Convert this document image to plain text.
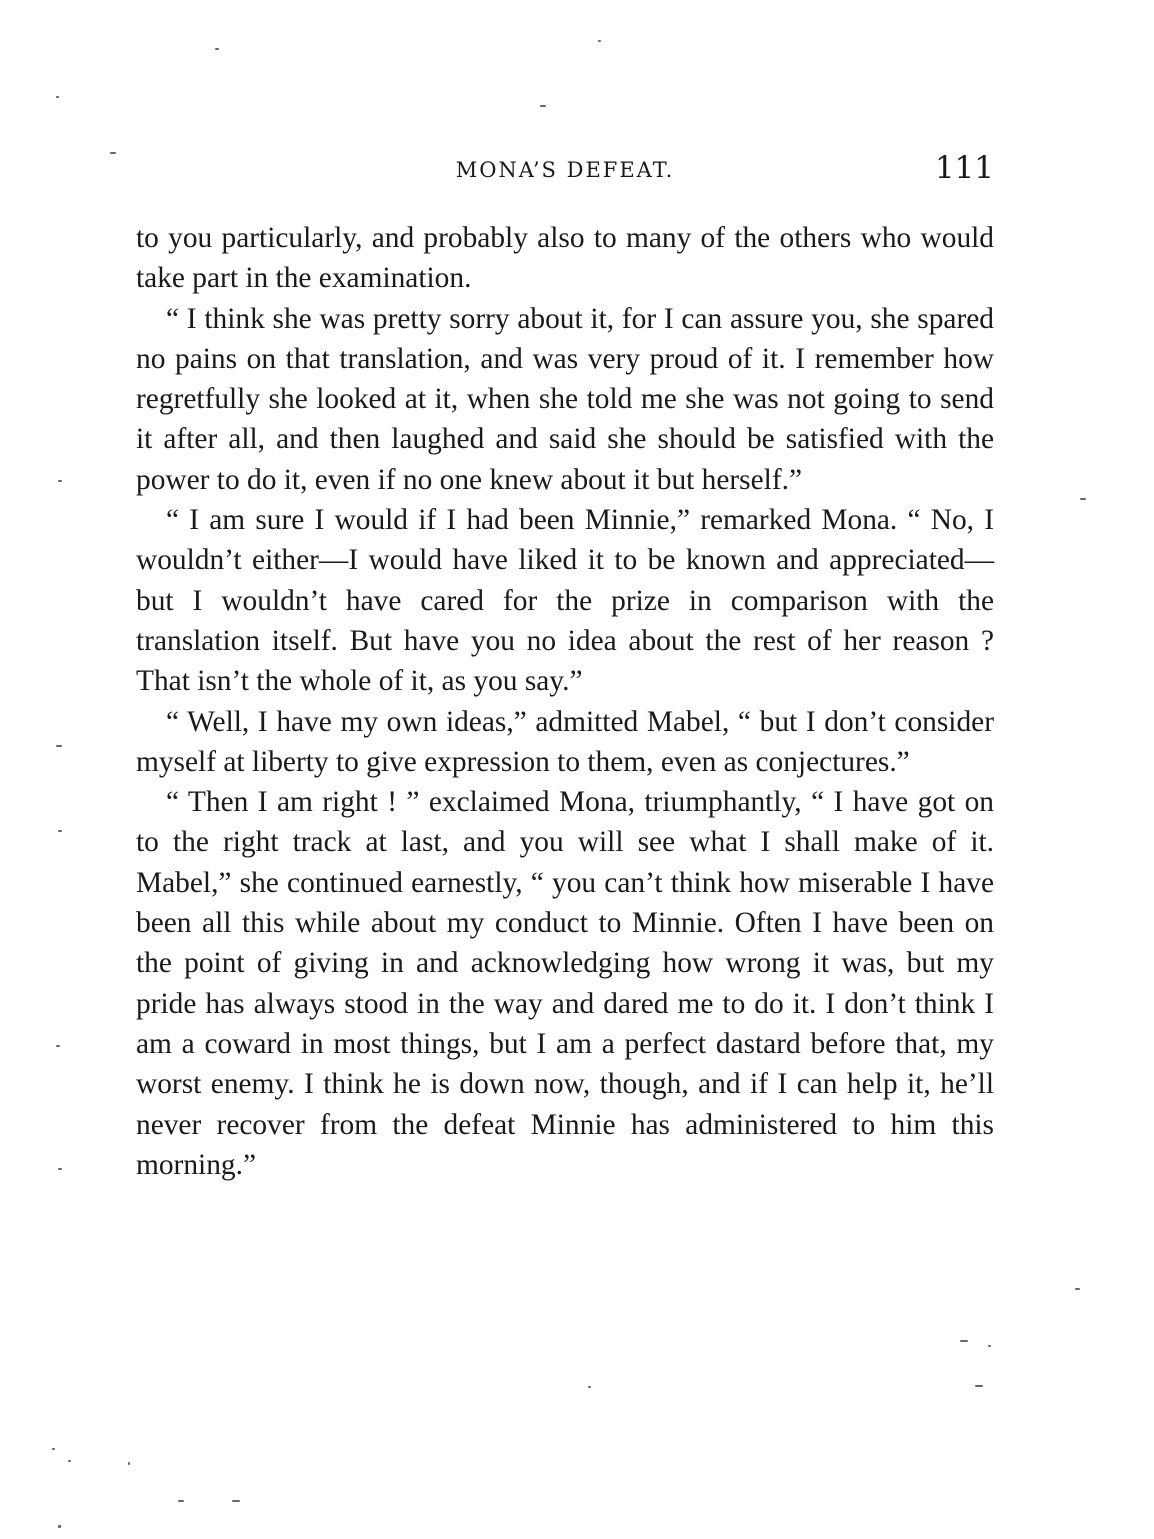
MONA’S DEFEAT.	111

to you particularly, and probably also to many of the others who would take part in the examination.

“ I think she was pretty sorry about it, for I can assure you, she spared no pains on that translation, and was very proud of it. I remember how regretfully she looked at it, when she told me she was not going to send it after all, and then laughed and said she should be satisfied with the power to do it, even if no one knew about it but herself.”

“ I am sure I would if I had been Minnie,” remarked Mona. “ No, I wouldn’t either—I would have liked it to be known and appreciated—but I wouldn’t have cared for the prize in comparison with the translation itself. But have you no idea about the rest of her reason ? That isn’t the whole of it, as you say.”

“ Well, I have my own ideas,” admitted Mabel, “ but I don’t consider myself at liberty to give expression to them, even as conjectures.”

“ Then I am right ! ” exclaimed Mona, triumphantly, “ I have got on to the right track at last, and you will see what I shall make of it. Mabel,” she continued earnestly, “ you can’t think how miserable I have been all this while about my conduct to Minnie. Often I have been on the point of giving in and acknowledging how wrong it was, but my pride has always stood in the way and dared me to do it. I don’t think I am a coward in most things, but I am a perfect dastard before that, my worst enemy. I think he is down now, though, and if I can help it, he’ll never recover from the defeat Minnie has administered to him this morning.”
